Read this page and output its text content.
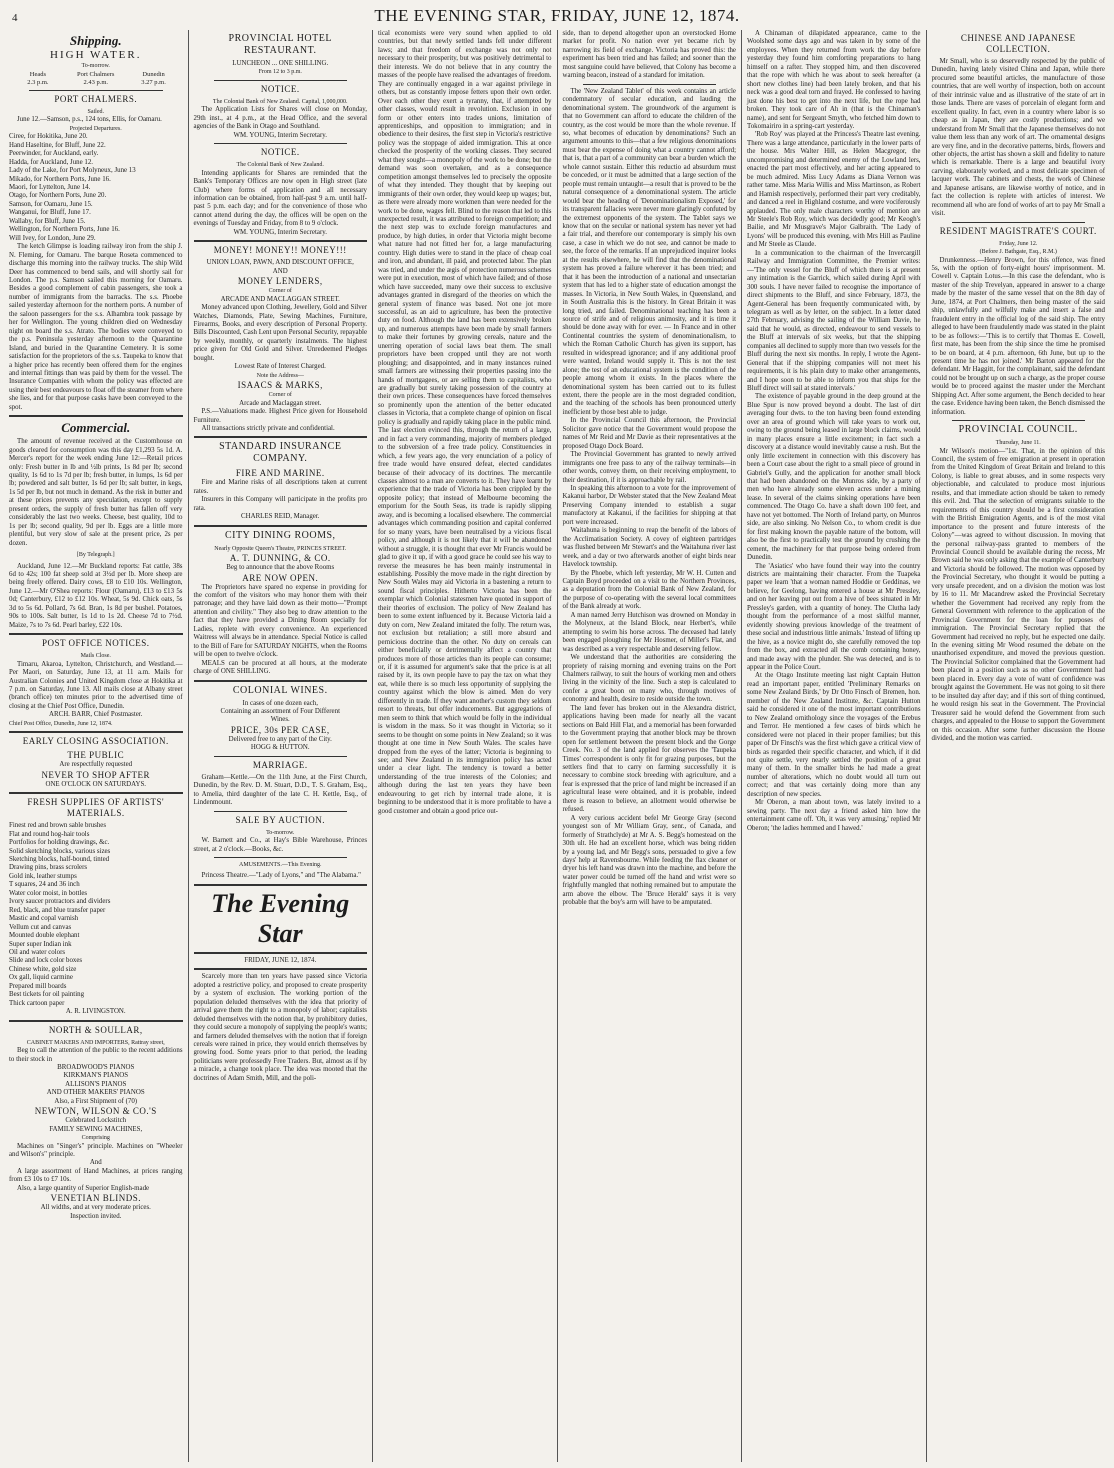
4	THE EVENING STAR, FRIDAY, JUNE 12, 1874.

Shipping.

HIGH WATER.

To-morrow.

Heads
2.3 p.m.
Port Chalmers
2.43 p.m.
Dunedin
3.27 p.m.

PORT CHALMERS.

Sailed.

June 12.—Samson, p.s., 124 tons, Ellis, for Oamaru.

Projected Departures.

Ciree, for Hokitika, June 20.

Hand Haseltine, for Bluff, June 22.

Peerwinder, for Auckland, early.

Hadda, for Auckland, June 12.

Lady of the Lake, for Port Molyneux, June 13

Mikado, for Northern Ports, June 16.

Maori, for Lyttelton, June 14.

Otago, for Northern Ports, June 20.

Samson, for Oamaru, June 15.

Wanganui, for Bluff, June 17.

Wallaby, for Bluff, June 15.

Wellington, for Northern Ports, June 16.

Will Ivey, for London, June 29.

The ketch Glimpse is loading railway iron from the ship J. N. Fleming, for Oamaru. The barque Roseta commenced to discharge this morning into the railway trucks. The ship Wild Deer has commenced to bend sails, and will shortly sail for London. The p.s. Samson sailed this morning for Oamaru. Besides a good complement of cabin passengers, she took a number of immigrants from the barracks. The s.s. Phoebe sailed yesterday afternoon for the northern ports. A number of the saloon passengers for the s.s. Alhambra took passage by her for Wellington. The young children died on Wednesday night on board the s.s. Atrato. The bodies were conveyed to the p.s. Peninsula yesterday afternoon to the Quarantine Island, and buried in the Quarantine Cemetery. It is some satisfaction for the proprietors of the s.s. Taupeka to know that a higher price has recently been offered them for the engines and internal fittings than was paid by them for the vessel. The Insurance Companies with whom the policy was effected are using their best endeavours to float off the steamer from where she lies, and for that purpose casks have been conveyed to the spot.

Commercial.

The amount of revenue received at the Customhouse on goods cleared for consumption was this day £1,293 5s 1d. A. Mercer's report for the week ending June 12:—Retail prices only: Fresh butter in lb and ½lb prints, 1s 8d per lb; second quality, 1s 6d to 1s 7d per lb; fresh butter, in lumps, 1s 6d per lb; powdered and salt butter, 1s 6d per lb; salt butter, in kegs, 1s 5d per lb, but not much in demand. As the risk in butter and at these prices prevents any speculation, except to supply present orders, the supply of fresh butter has fallen off very considerably the last two weeks. Cheese, best quality, 10d to 1s per lb; second quality, 9d per lb. Eggs are a little more plentiful, but very slow of sale at the present price, 2s per dozen.

[By Telegraph.]

Auckland, June 12.—Mr Buckland reports: Fat cattle, 38s 6d to 42s; 100 fat sheep sold at 3½d per lb. More sheep are being freely offered. Dairy cows, £8 to £10 10s. Wellington, June 12.—Mr O'Shea reports: Flour (Oamaru), £13 to £13 5s 0d; Canterbury, £12 to £12 10s. Wheat, 5s 9d. Chick oats, 5s 3d to 5s 6d. Pollard, 7s 6d. Bran, 1s 8d per bushel. Potatoes, 90s to 100s. Salt butter, 1s 1d to 1s 2d. Cheese 7d to 7½d. Maize, 7s to 7s 6d. Pearl barley, £22 10s.

POST OFFICE NOTICES.

Mails Close.

Timaru, Akaroa, Lyttelton, Christchurch, and Westland.—Per Maori, on Saturday, June 13, at 11 a.m. Mails for Australian Colonies and United Kingdom close at Hokitika at 7 p.m. on Saturday, June 13. All mails close at Albany street (branch office) ten minutes prior to the advertised time of closing at the Chief Post Office, Dunedin.

ARCH. BARR, Chief Postmaster.

Chief Post Office, Dunedin, June 12, 1874.

EARLY CLOSING ASSOCIATION.

THE PUBLIC

Are respectfully requested

NEVER TO SHOP AFTER

ONE O'CLOCK ON SATURDAYS.

FRESH SUPPLIES OF ARTISTS' MATERIALS.

Finest red and brown sable brushes

Flat and round hog-hair tools

Portfolios for holding drawings, &c.

Solid sketching blocks, various sizes

Sketching blocks, half-bound, tinted

Drawing pins, brass scrolers

Gold ink, leather stumps

T squares, 24 and 36 inch

Water color moist, in bottles

Ivory saucer protractors and dividers

Red, black, and blue transfer paper

Mastic and copal varnish

Vellum cut and canvas

Mounted double elephant

Super super Indian ink

Oil and water colors

Slide and lock color boxes

Chinese white, gold size

Ox gall, liquid carmine

Prepared mill boards

Best tickets for oil painting

Thick cartoon paper

A. R. LIVINGSTON.

NORTH & SOULLAR,

CABINET MAKERS AND IMPORTERS, Rattray street,

Beg to call the attention of the public to the recent additions to their stock in

BROADWOOD'S PIANOS

KIRKMAN'S PIANOS

ALLISON'S PIANOS

AND OTHER MAKERS' PIANOS

Also, a First Shipment of (70)

NEWTON, WILSON & CO.'S

Celebrated Lockstitch

FAMILY SEWING MACHINES,

Comprising

Machines on "Singer's" principle. Machines on "Wheeler and Wilson's" principle.

And

A large assortment of Hand Machines, at prices ranging from £3 10s to £7 10s.

Also, a large quantity of Superior English-made

VENETIAN BLINDS.

All widths, and at very moderate prices.

Inspection invited.

PROVINCIAL HOTEL RESTAURANT.

LUNCHEON ... ONE SHILLING.

From 12 to 3 p.m.

NOTICE.

The Colonial Bank of New Zealand. Capital, 1,000,000.

The Application Lists for Shares will close on Monday, 29th inst., at 4 p.m., at the Head Office, and the several agencies of the Bank in Otago and Southland.

WM. YOUNG, Interim Secretary.

NOTICE.

The Colonial Bank of New Zealand.

Intending applicants for Shares are reminded that the Bank's Temporary Offices are now open in High street (late Club) where forms of application and all necessary information can be obtained, from half-past 9 a.m. until half-past 5 p.m. each day; and for the convenience of those who cannot attend during the day, the offices will be open on the evenings of Tuesday and Friday, from 8 to 9 o'clock.

WM. YOUNG, Interim Secretary.

MONEY! MONEY!! MONEY!!!

UNION LOAN, PAWN, AND DISCOUNT OFFICE,

AND

MONEY LENDERS,

Corner of

ARCADE AND MACLAGGAN STREET.

Money advanced upon Clothing, Jewellery, Gold and Silver Watches, Diamonds, Plate, Sewing Machines, Furniture, Firearms, Books, and every description of Personal Property. Bills Discounted, Cash Lent upon Personal Security, repayable by weekly, monthly, or quarterly instalments. The highest price given for Old Gold and Silver. Unredeemed Pledges bought.

Lowest Rate of Interest Charged.

Note the Address—

ISAACS & MARKS,

Corner of

Arcade and Maclaggan street.

P.S.—Valuations made. Highest Price given for Household Furniture.

All transactions strictly private and confidential.

STANDARD INSURANCE COMPANY.

FIRE AND MARINE.

Fire and Marine risks of all descriptions taken at current rates.

Insurers in this Company will participate in the profits pro rata.

CHARLES REID, Manager.

CITY DINING ROOMS,

Nearly Opposite Queen's Theatre, PRINCES STREET.

A. T. DUNNING, & CO.

Beg to announce that the above Rooms

ARE NOW OPEN.

The Proprietors have spared no expense in providing for the comfort of the visitors who may honor them with their patronage; and they have laid down as their motto—"Prompt attention and civility." They also beg to draw attention to the fact that they have provided a Dining Room specially for Ladies, replete with every convenience. An experienced Waitress will always be in attendance. Special Notice is called to the Bill of Fare for SATURDAY NIGHTS, when the Rooms will be open to twelve o'clock.

MEALS can be procured at all hours, at the moderate charge of ONE SHILLING.

COLONIAL WINES.

In cases of one dozen each,

Containing an assortment of Four Different

Wines.

PRICE, 30s PER CASE,

Delivered free to any part of the City.

HOGG & HUTTON.

MARRIAGE.

Graham—Kettle.—On the 11th June, at the First Church, Dunedin, by the Rev. D. M. Stuart, D.D., T. S. Graham, Esq., to Amelia, third daughter of the late C. H. Kettle, Esq., of Lindenmount.

SALE BY AUCTION.

To-morrow.

W. Barnett and Co., at Hay's Bible Warehouse, Princes street, at 2 o'clock.—Books, &c.

AMUSEMENTS.—This Evening.

Princess Theatre.—"Lady of Lyons," and "The Alabama."

The Evening Star

FRIDAY, JUNE 12, 1874.

Scarcely more than ten years have passed since Victoria adopted a restrictive policy, and proposed to create prosperity by a system of exclusion. The working portion of the population deluded themselves with the idea that priority of arrival gave them the right to a monopoly of labor; capitalists deluded themselves with the notion that, by prohibitory duties, they could secure a monopoly of supplying the people's wants; and farmers deluded themselves with the notion that if foreign cereals were rained in price, they would enrich themselves by growing food. Some years prior to that period, the leading politicians were professedly Free Traders. But, almost as if by a miracle, a change took place. The idea was mooted that the doctrines of Adam Smith, Mill, and the poli-

tical economists were very sound when applied to old countries, but that newly settled lands fell under different laws; and that freedom of exchange was not only not necessary to their prosperity, but was positively detrimental to their interests. We do not believe that in any country the masses of the people have realised the advantages of freedom. They are continually engaged in a war against privilege in others, but as constantly impose fetters upon their own order. Over each other they exert a tyranny, that, if attempted by other classes, would result in revolution. Exclusion in one form or other enters into trades unions, limitation of apprenticeships, and opposition to immigration; and in obedience to their desires, the first step in Victoria's restrictive policy was the stoppage of aided immigration. This at once checked the prosperity of the working classes. They secured what they sought—a monopoly of the work to be done; but the demand was soon overtaken, and as a consequence competition amongst themselves led to precisely the opposite of what they intended. They thought that by keeping out immigrants of their own order, they would keep up wages; but, as there were already more workmen than were needed for the work to be done, wages fell. Blind to the reason that led to this unexpected result, it was attributed to foreign competition; and the next step was to exclude foreign manufactures and produce, by high duties, in order that Victoria might become what nature had not fitted her for, a large manufacturing country. High duties were to stand in the place of cheap coal and iron, and abundant, ill paid, and protected labor. The plan was tried, and under the ægis of protection numerous schemes were put in execution, most of which have failed; and of those which have succeeded, many owe their success to exclusive advantages granted in disregard of the theories on which the general system of finance was based. Not one jot more successful, as an aid to agriculture, has been the protective duty on food. Although the land has been extensively broken up, and numerous attempts have been made by small farmers to make their fortunes by growing cereals, nature and the unerring operation of social laws beat them. The small proprietors have been cropped until they are not worth ploughing; and disappointed, and in many instances ruined small farmers are witnessing their properties passing into the hands of mortgagees, or are selling them to capitalists, who are gradually but surely taking possession of the country at their own prices. These consequences have forced themselves so prominently upon the attention of the better educated classes in Victoria, that a complete change of opinion on fiscal policy is gradually and rapidly taking place in the public mind. The last election evinced this, through the return of a large, and in fact a very commanding, majority of members pledged to the subversion of a free trade policy. Constituencies in which, a few years ago, the very enunciation of a policy of free trade would have ensured defeat, elected candidates because of their advocacy of its doctrines. The mercantile classes almost to a man are converts to it. They have learnt by experience that the trade of Victoria has been crippled by the opposite policy; that instead of Melbourne becoming the emporium for the South Seas, its trade is rapidly slipping away, and is becoming a localised elsewhere. The commercial advantages which commanding position and capital conferred for so many years, have been neutralised by a vicious fiscal policy, and although it is not likely that it will be abandoned without a struggle, it is thought that ever Mr Francis would be glad to give it up, if with a good grace he could see his way to reverse the measures he has been mainly instrumental in establishing. Possibly the move made in the right direction by New South Wales may aid Victoria in a bastening a return to sound fiscal principles. Hitherto Victoria has been the exemplar which Colonial statesmen have quoted in support of their theories of exclusion. The policy of New Zealand has been to some extent influenced by it. Because Victoria laid a duty on corn, New Zealand imitated the folly. The return was, not exclusion but retaliation; a still more absurd and pernicious doctrine than the other. No duty on cereals can either beneficially or detrimentally affect a country that produces more of those articles than its people can consume; or, if it is assumed for argument's sake that the price is at all raised by it, its own people have to pay the tax on what they eat, while there is so much less opportunity of supplying the country against which the blow is aimed. Men do very differently in trade. If they want another's custom they seldom resort to threats, but offer inducements. But aggregations of men seem to think that which would be folly in the individual is wisdom in the mass. So it was thought in Victoria; so it seems to be thought on some points in New Zealand; so it was thought at one time in New South Wales. The scales have dropped from the eyes of the latter; Victoria is beginning to see; and New Zealand in its immigration policy has acted under a clear light. The tendency is toward a better understanding of the true interests of the Colonies; and although during the last ten years they have been endeavouring to get rich by internal trade alone, it is beginning to be understood that it is more profitable to have a good customer and obtain a good price out-

side, than to depend altogether upon an overstocked Home market for profit. No nation ever yet became rich by narrowing its field of exchange. Victoria has proved this: the experiment has been tried and has failed; and sooner than the most sanguine could have believed, that Colony has become a warning beacon, instead of a standard for imitation.

The 'New Zealand Tablet' of this week contains an article condemnatory of secular education, and lauding the denominational system. The groundwork of the argument is that no Government can afford to educate the children of the country, as the cost would be more than the whole revenue. If so, what becomes of education by denominations? Such an argument amounts to this—that a few religious denominations must bear the expense of doing what a country cannot afford; that is, that a part of a community can bear a burden which the whole cannot sustain. Either this reductio ad absurdum must be conceded, or it must be admitted that a large section of the people must remain untaught—a result that is proved to be the natural consequence of a denominational system. The article would bear the heading of 'Denominationalism Exposed,' for its transparent fallacies were never more glaringly confuted by the extremest opponents of the system. The Tablet says we know that on the secular or national system has never yet had a fair trial, and therefore our contemporary is simply his own case, a case in which we do not see, and cannot be made to see, the force of the remarks. If an unprejudiced inquirer looks at the results elsewhere, he will find that the denominational system has proved a failure wherever it has been tried; and that it has been the introduction of a national and unsectarian system that has led to a higher state of education amongst the masses. In Victoria, in New South Wales, in Queensland, and in South Australia this is the history. In Great Britain it was long tried, and failed. Denominational teaching has been a source of strife and of religious animosity, and it is time it should be done away with for ever. — In France and in other Continental countries the system of denominationalism, to which the Roman Catholic Church has given its support, has resulted in widespread ignorance; and if any additional proof were wanted, Ireland would supply it. This is not the test alone; the test of an educational system is the condition of the people among whom it exists. In the places where the denominational system has been carried out to its fullest extent, there the people are in the most degraded condition, and the teaching of the schools has been pronounced utterly inefficient by those best able to judge.

In the Provincial Council this afternoon, the Provincial Solicitor gave notice that the Government would propose the names of Mr Reid and Mr Davie as their representatives at the proposed Otago Dock Board.

The Provincial Government has granted to newly arrived immigrants one free pass to any of the railway terminals—in other words, convey them, on their receiving employment, to their destination, if it is approachable by rail.

In speaking this afternoon to a vote for the improvement of Kakanui harbor, Dr Webster stated that the New Zealand Meat Preserving Company intended to establish a sugar manufactory at Kakanui, if the facilities for shipping at that port were increased.

Waitahuna is beginning to reap the benefit of the labors of the Acclimatisation Society. A covey of eighteen partridges was flushed between Mr Stewart's and the Waitahuna river last week, and a day or two afterwards another of eight birds near Havelock township.

By the Phoebe, which left yesterday, Mr W. H. Cutten and Captain Boyd proceeded on a visit to the Northern Provinces, as a deputation from the Colonial Bank of New Zealand, for the purpose of co-operating with the several local committees of the Bank already at work.

A man named Jerry Hutchison was drowned on Monday in the Molyneux, at the Island Block, near Herbert's, while attempting to swim his horse across. The deceased had lately been engaged ploughing for Mr Hosmer, of Miller's Flat, and was described as a very respectable and deserving fellow.

We understand that the authorities are considering the propriety of raising morning and evening trains on the Port Chalmers railway, to suit the hours of working men and others living in the vicinity of the line. Such a step is calculated to confer a great boon on many who, through motives of economy and health, desire to reside outside the town.

The land fever has broken out in the Alexandra district, applications having been made for nearly all the vacant sections on Bald Hill Flat, and a memorial has been forwarded to the Government praying that another block may be thrown open for settlement between the present block and the Gorge Creek. No. 3 of the land applied for observes the 'Taupeka Times' correspondent is only fit for grazing purposes, but the settlers find that to carry on farming successfully it is necessary to combine stock breeding with agriculture, and a fear is expressed that the price of land might be increased if an agricultural lease were obtained, and it is probable, indeed there is reason to believe, an allotment would otherwise be refused.

A very curious accident befel Mr George Gray (second youngest son of Mr William Gray, senr., of Canada, and formerly of Strathclyde) at Mr A. S. Begg's homestead on the 30th ult. He had an excellent horse, which was being ridden by a young lad, and Mr Begg's sons, persuaded to give a few days' help at Ravensbourne. While feeding the flax cleaner or dryer his left hand was drawn into the machine, and before the water power could be turned off the hand and wrist were so frightfully mangled that nothing remained but to amputate the arm above the elbow. The 'Bruce Herald' says it is very probable that the boy's arm will have to be amputated.

A Chinaman of dilapidated appearance, came to the Woolshed some days ago and was taken in by some of the employees. When they returned from work the day before yesterday they found him comforting preparations to hang himself on a rafter. They stopped him, and then discovered that the rope with which he was about to seek hereafter (a short new clothes line) had been lately broken, and that his neck was a good deal torn and frayed. He confessed to having just done his best to get into the next life, but the rope had broken. They took care of Ah in (that is the Chinaman's name), and sent for Sergeant Smyth, who fetched him down to Tokomairiro in a spring-cart yesterday.

'Rob Roy' was played at the Princess's Theatre last evening. There was a large attendance, particularly in the lower parts of the house. Mrs Walter Hill, as Helen Macgregor, the uncompromising and determined enemy of the Lowland lers, enacted the part most effectively, and her acting appeared to be much admired. Miss Lucy Adams as Diana Vernon was rather tame. Miss Maria Willis and Miss Martinson, as Robert and Hamish respectively, performed their part very creditably, and danced a reel in Highland costume, and were vociferously applauded. The only male characters worthy of mention are Mr Steele's Rob Roy, which was decidedly good; Mr Keogh's Bailie, and Mr Musgrave's Major Galbraith. 'The Lady of Lyons' will be produced this evening, with Mrs Hill as Pauline and Mr Steele as Claude.

In a communication to the chairman of the Invercargill Railway and Immigration Committee, the Premier writes:—'The only vessel for the Bluff of which there is at present any intimation is the Garrick, which sailed during April with 300 souls. I have never failed to recognise the importance of direct shipments to the Bluff, and since February, 1873, the Agent-General has been frequently communicated with, by telegram as well as by letter, on the subject. In a letter dated 27th February, advising the sailing of the William Davie, he said that he would, as directed, endeavour to send vessels to the Bluff at intervals of six weeks, but that the shipping companies all declined to supply more than two vessels for the Bluff during the next six months. In reply, I wrote the Agent-General that if the shipping companies will not meet his requirements, it is his plain duty to make other arrangements, and I hope soon to be able to inform you that ships for the Bluff direct will sail at stated intervals.'

The existence of payable ground in the deep ground at the Blue Spur is now proved beyond a doubt. The last of dirt averaging four dwts. to the ton having been found extending over an area of ground which will take years to work out, owing to the ground being leased in large block claims, would in many places ensure a little excitement; in fact such a discovery at a distance would inevitably cause a rush. But the only little excitement in connection with this discovery has been a Court case about the right to a small piece of ground in Gabriel's Gully, and the application for another small block that had been abandoned on the Munros side, by a party of men who have already some eleven acres under a mining lease. In several of the claims sinking operations have been commenced. The Otago Co. have a shaft down 100 feet, and have not yet bottomed. The North of Ireland party, on Munros side, are also sinking. No Nelson Co., to whom credit is due for first making known the payable nature of the bottom, will also be the first to practically test the ground by crushing the cement, the machinery for that purpose being ordered from Dunedin.

The 'Asiatics' who have found their way into the country districts are maintaining their character. From the Tuapeka paper we learn 'that a woman named Hoddie or Geddinas, we believe, for Geelong, having entered a house at Mr Pressley, and on her leaving put out from a hive of bees situated in Mr Pressley's garden, with a quantity of honey. The Clutha lady thought from the performance of a most skilful manner, evidently showing previous knowledge of the treatment of these social and industrious little animals.' Instead of lifting up the hive, as a novice might do, she carefully removed the top from the box, and extracted all the comb containing honey, and made away with the plunder. She was detected, and is to appear in the Police Court.

At the Otago Institute meeting last night Captain Hutton read an important paper, entitled 'Preliminary Remarks on some New Zealand Birds,' by Dr Otto Finsch of Bremen, hon. member of the New Zealand Institute, &c. Captain Hutton said he considered it one of the most important contributions to New Zealand ornithology since the voyages of the Erebus and Terror. He mentioned a few cases of birds which he considered were not placed in their proper families; but this paper of Dr Finsch's was the first which gave a critical view of birds as regarded their specific character, and which, if it did not quite settle, very nearly settled the position of a great many of them. In the smaller birds he had made a great number of alterations, which no doubt would all turn out correct; and that was certainly doing more than any description of new species.

Mr Oberon, a man about town, was lately invited to a sewing party. The next day a friend asked him how the entertainment came off. 'Oh, it was very amusing,' replied Mr Oberon; 'the ladies hemmed and I hawed.'

CHINESE AND JAPANESE COLLECTION.

Mr Small, who is so deservedly respected by the public of Dunedin, having lately visited China and Japan, while there procured some beautiful articles, the manufacture of those countries, that are well worthy of inspection, both on account of their intrinsic value and as illustrative of the state of art in those lands. There are vases of porcelain of elegant form and excellent quality. In fact, even in a country where labor is so cheap as in Japan, they are costly productions; and we understand from Mr Small that the Japanese themselves do not value them less than any work of art. The ornamental designs are very fine, and in the decorative patterns, birds, flowers and other objects, the artist has shown a skill and fidelity to nature which is remarkable. There is a large and beautiful ivory carving, elaborately worked, and a most delicate specimen of lacquer work. The cabinets and chests, the work of Chinese and Japanese artisans, are likewise worthy of notice, and in fact the collection is replete with articles of interest. We recommend all who are fond of works of art to pay Mr Small a visit.

RESIDENT MAGISTRATE'S COURT.

Friday, June 12.

(Before J. Bathgate, Esq., R.M.)

Drunkenness.—Henry Brown, for this offence, was fined 5s, with the option of forty-eight hours' imprisonment. M. Cowell v. Captain Lotus.—In this case the defendant, who is master of the ship Trevelyan, appeared in answer to a charge made by the master of the same vessel that on the 8th day of June, 1874, at Port Chalmers, then being master of the said ship, unlawfully and wilfully make and insert a false and fraudulent entry in the official log of the said ship. The entry alleged to have been fraudulently made was stated in the plaint to be as follows:—'This is to certify that Thomas E. Cowell, first mate, has been from the ship since the time he promised to be on board, at 4 p.m. afternoon, 6th June, but up to the present time he has not joined.' Mr Barton appeared for the defendant. Mr Haggitt, for the complainant, said the defendant could not be brought up on such a charge, as the proper course would be to proceed against the master under the Merchant Shipping Act. After some argument, the Bench decided to hear the case. Evidence having been taken, the Bench dismissed the information.

PROVINCIAL COUNCIL.

Thursday, June 11.

Mr Wilson's motion—"1st. That, in the opinion of this Council, the system of free emigration at present in operation from the United Kingdom of Great Britain and Ireland to this Colony, is liable to great abuses, and in some respects very objectionable, and calculated to produce most injurious results, and that immediate action should be taken to remedy this evil. 2nd. That the selection of emigrants suitable to the requirements of this country should be a first consideration with the British Emigration Agents, and is of the most vital importance to the present and future interests of the Colony"—was agreed to without discussion. In moving that the personal railway-pass granted to members of the Provincial Council should be available during the recess, Mr Brown said he was only asking that the example of Canterbury and Victoria should be followed. The motion was opposed by the Provincial Secretary, who thought it would be putting a very unsafe precedent, and on a division the motion was lost by 16 to 11. Mr Macandrew asked the Provincial Secretary whether the Government had received any reply from the General Government with reference to the application of the Provincial Government for the loan for purposes of immigration. The Provincial Secretary replied that the Government had received no reply, but he expected one daily. In the evening sitting Mr Wood resumed the debate on the unauthorised expenditure, and moved the previous question. The Provincial Solicitor complained that the Government had been placed in a position such as no other Government had been placed in. Every day a vote of want of confidence was brought against the Government. He was not going to sit there to be insulted day after day; and if this sort of thing continued, he would resign his seat in the Government. The Provincial Treasurer said he would defend the Government from such charges, and appealed to the House to support the Government on this occasion. After some further discussion the House divided, and the motion was carried.
